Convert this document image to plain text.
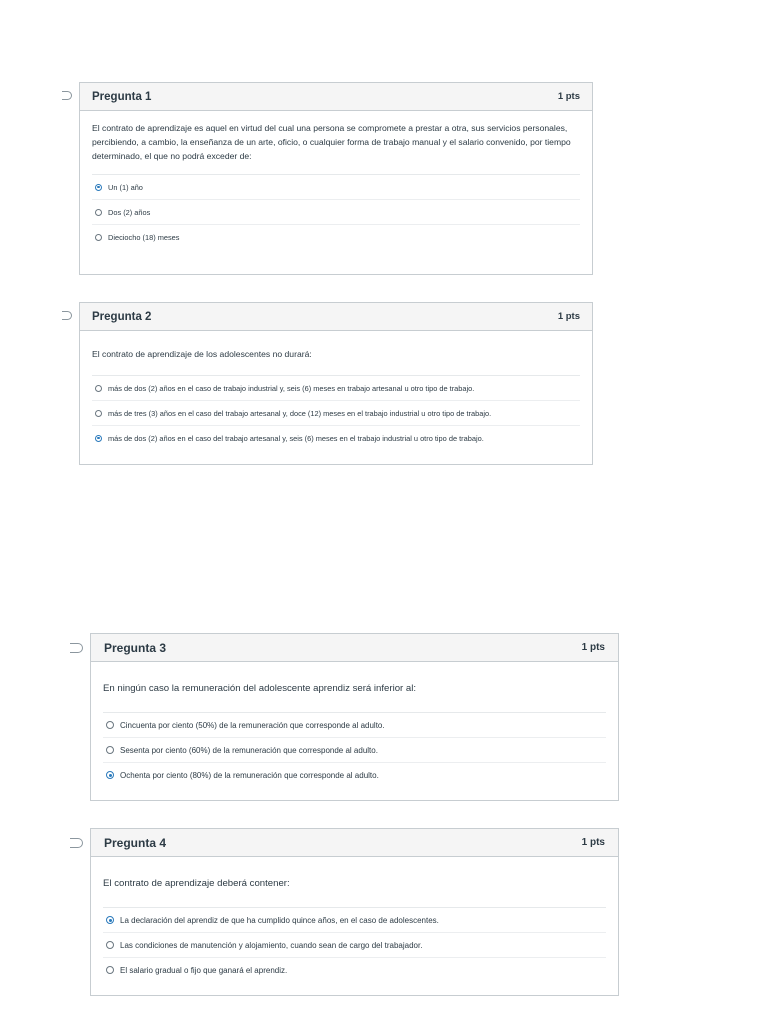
Pregunta 1	1 pts

El contrato de aprendizaje es aquel en virtud del cual una persona se compromete a prestar a otra, sus servicios personales, percibiendo, a cambio, la enseñanza de un arte, oficio, o cualquier forma de trabajo manual y el salario convenido, por tiempo determinado, el que no podrá exceder de:

Un (1) año
Dos (2) años
Dieciocho (18) meses
Pregunta 2	1 pts

El contrato de aprendizaje de los adolescentes no durará:

más de dos (2) años en el caso de trabajo industrial y, seis (6) meses en trabajo artesanal u otro tipo de trabajo.
más de tres (3) años en el caso del trabajo artesanal y, doce (12) meses en el trabajo industrial u otro tipo de trabajo.
más de dos (2) años en el caso del trabajo artesanal y, seis (6) meses en el trabajo industrial u otro tipo de trabajo.
Pregunta 3	1 pts

En ningún caso la remuneración del adolescente aprendiz será inferior al:

Cincuenta por ciento (50%) de la remuneración que corresponde al adulto.
Sesenta por ciento (60%) de la remuneración que corresponde al adulto.
Ochenta por ciento (80%) de la remuneración que corresponde al adulto.
Pregunta 4	1 pts

El contrato de aprendizaje deberá contener:

La declaración del aprendiz de que ha cumplido quince años, en el caso de adolescentes.
Las condiciones de manutención y alojamiento, cuando sean de cargo del trabajador.
El salario gradual o fijo que ganará el aprendiz.
